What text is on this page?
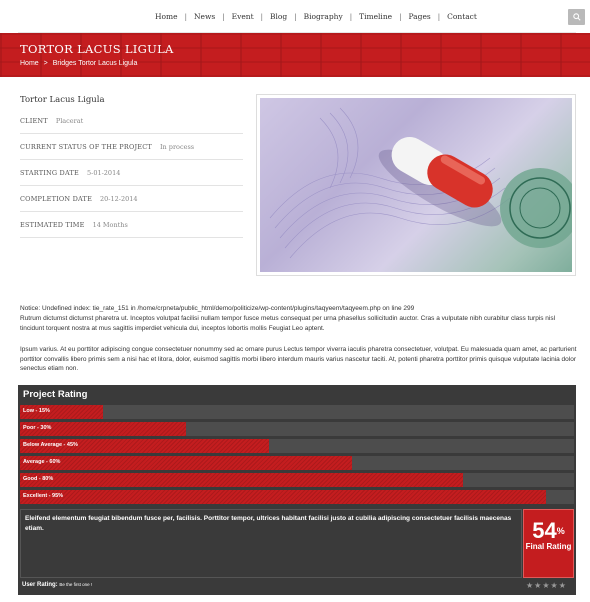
Home	| News	| Event	| Blog	| Biography	| Timeline	| Pages	| Contact
TORTOR LACUS LIGULA
Home > Bridges Tortor Lacus Ligula
Tortor Lacus Ligula
CLIENT Placerat
CURRENT STATUS OF THE PROJECT In process
STARTING DATE 5-01-2014
COMPLETION DATE 20-12-2014
ESTIMATED TIME 14 Months
Notice: Undefined index: tie_rate_151 in /home/crpneta/public_html/demo/politicize/wp-content/plugins/taqyeem/taqyeem.php on line 299
Rutrum dictumst dictumst pharetra ut. Inceptos volutpat facilisi nullam tempor fusce metus consequat per urna phasellus sollicitudin auctor. Cras a vulputate nibh curabitur class turpis nisl tincidunt torquent nostra at mus sagittis imperdiet vehicula dui, inceptos lobortis mollis Feugiat Leo aptent.
Ipsum varius. At eu porttitor adipiscing congue consectetuer nonummy sed ac ornare purus Lectus tempor viverra iaculis pharetra consectetuer, volutpat. Eu malesuada quam amet, ac parturient porttitor convallis libero primis sem a nisi hac et litora, dolor, euismod sagittis morbi libero interdum mauris varius nascetur taciti. At, potenti pharetra porttitor primis quisque vulputate lacinia dolor senectus etiam non.
Project Rating
Low - 15%
Poor - 30%
Below Average - 45%
Average - 60%
Good - 80%
Excellent - 95%
Eleifend elementum feugiat bibendum fusce per, facilisis. Porttitor tempor, ultrices habitant facilisi justo at cubilia adipiscing consectetuer facilisis maecenas etiam.	54%
Final Rating
User Rating: Be the first one !	★ ★ ★ ★ ★
